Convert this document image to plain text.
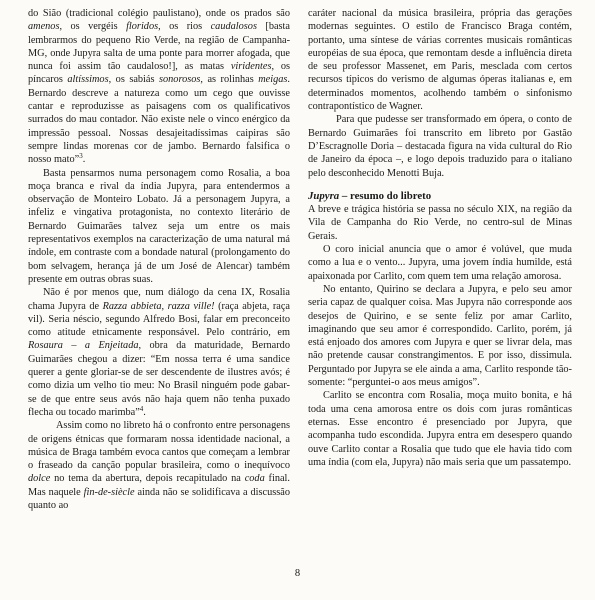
do Sião (tradicional colégio paulistano), onde os prados são amenos, os vergéis floridos, os rios caudalosos [basta lembrarmos do pequeno Rio Verde, na região de Campanha-MG, onde Jupyra salta de uma ponte para morrer afogada, que nunca foi assim tão caudaloso!], as matas viridentes, os píncaros altíssimos, os sabiás sonorosos, as rolinhas meigas. Bernardo descreve a natureza como um cego que ouvisse cantar e reproduzisse as paisagens com os qualificativos surrados do mau contador. Não existe nele o vinco enérgico da impressão pessoal. Nossas desajeitadíssimas caipiras são sempre lindas morenas cor de jambo. Bernardo falsifica o nosso mato”$^3$.

Basta pensarmos numa personagem como Rosalia, a boa moça branca e rival da índia Jupyra, para entendermos a observação de Monteiro Lobato. Já a personagem Jupyra, a infeliz e vingativa protagonista, no contexto literário de Bernardo Guimarães talvez seja um entre os mais representativos exemplos na caracterização de uma natural má índole, em contraste com a bondade natural (prolongamento do bom selvagem, herança já de um José de Alencar) também presente em outras obras suas.

Não é por menos que, num diálogo da cena IX, Rosalia chama Jupyra de Razza abbieta, razza ville! (raça abjeta, raça vil). Seria néscio, segundo Alfredo Bosi, falar em preconceito como atitude etnicamente responsável. Pelo contrário, em Rosaura – a Enjeitada, obra da maturidade, Bernardo Guimarães chegou a dizer: “Em nossa terra é uma sandice querer a gente gloriar-se de ser descendente de ilustres avós; é como dizia um velho tio meu: No Brasil ninguém pode gabar-se de que entre seus avós não haja quem não tenha puxado flecha ou tocado marimba”$^4$.

Assim como no libreto há o confronto entre personagens de origens étnicas que formaram nossa identidade nacional, a música de Braga também evoca cantos que começam a lembrar o fraseado da canção popular brasileira, como o inequívoco dolce no tema da abertura, depois recapitulado na coda final. Mas naquele fin-de-siècle ainda não se solidificava a discussão quanto ao

caráter nacional da música brasileira, própria das gerações modernas seguintes. O estilo de Francisco Braga contém, portanto, uma síntese de várias correntes musicais românticas européias de sua época, que remontam desde a influência direta de seu professor Massenet, em Paris, mesclada com certos recursos típicos do verismo de algumas óperas italianas e, em determinados momentos, acolhendo também o sinfonismo contrapontístico de Wagner.

Para que pudesse ser transformado em ópera, o conto de Bernardo Guimarães foi transcrito em libreto por Gastão D’Escragnolle Doria – destacada figura na vida cultural do Rio de Janeiro da época –, e logo depois traduzido para o italiano pelo desconhecido Menotti Buja.

Jupyra – resumo do libreto

A breve e trágica história se passa no século XIX, na região da Vila de Campanha do Rio Verde, no centro-sul de Minas Gerais.

O coro inicial anuncia que o amor é volúvel, que muda como a lua e o vento... Jupyra, uma jovem índia humilde, está apaixonada por Carlito, com quem tem uma relação amorosa.

No entanto, Quirino se declara a Jupyra, e pelo seu amor seria capaz de qualquer coisa. Mas Jupyra não corresponde aos desejos de Quirino, e se sente feliz por amar Carlito, imaginando que seu amor é correspondido. Carlito, porém, já está enjoado dos amores com Jupyra e quer se livrar dela, mas não pretende causar constrangimentos. E por isso, dissimula. Perguntado por Jupyra se ele ainda a ama, Carlito responde tão-somente: “perguntei-o aos meus amigos”.

Carlito se encontra com Rosalia, moça muito bonita, e há toda uma cena amorosa entre os dois com juras românticas eternas. Esse encontro é presenciado por Jupyra, que acompanha tudo escondida. Jupyra entra em desespero quando ouve Carlito contar a Rosalia que tudo que ele havia tido com uma índia (com ela, Jupyra) não mais seria que um passatempo.

8
